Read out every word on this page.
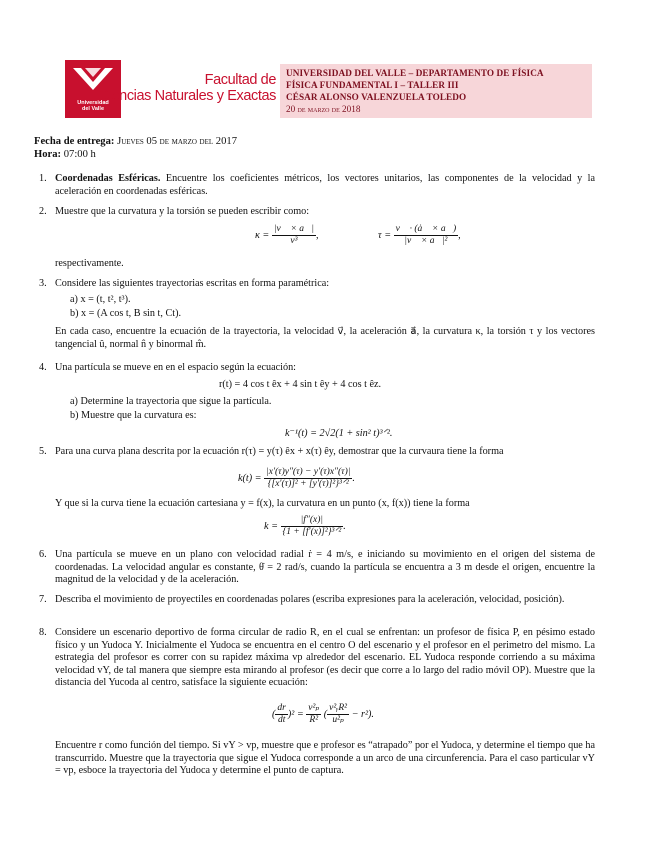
Universidad
del Valle
Facultad de
Ciencias Naturales y Exactas
UNIVERSIDAD DEL VALLE – DEPARTAMENTO DE FÍSICA
FÍSICA FUNDAMENTAL I – TALLER III
CÉSAR ALONSO VALENZUELA TOLEDO
20 de marzo de 2018
Fecha de entrega: Jueves 05 de marzo del 2017
Hora: 07:00 h
1. Coordenadas Esféricas. Encuentre los coeficientes métricos, los vectores unitarios, las componentes de la velocidad y la aceleración en coordenadas esféricas.
2. Muestre que la curvatura y la torsión se pueden escribir como:
$\kappa = \frac{|v⃗ \times a⃗|}{\text{v³}}$ ,	$\tau = \frac{v⃗ \cdot (ȧ⃗ \times a⃗)}{\text{|v⃗ × a⃗|²}}$ ,
respectivamente.
3. Considere las siguientes trayectorias escritas en forma paramétrica:
a) x = (t, t², t³).
b) x = (A cos t, B sin t, Ct).
En cada caso, encuentre la ecuación de la trayectoria, la velocidad v⃗, la aceleración a⃗, la curvatura κ, la torsión τ y los vectores tangencial û, normal n̂ y binormal m̂.
4. Una partícula se mueve en en el espacio según la ecuación:
r(t) = 4 cos t êx + 4 sin t êy + 4 cos t êz.
a) Determine la trayectoria que sigue la partícula.
b) Muestre que la curvatura es:
k⁻¹(t) = 2√2(1 + sin² t)³ᐟ².
5. Para una curva plana descrita por la ecuación r(τ) = y(τ) êx + x(τ) êy, demostrar que la curvaura tiene la forma
$k(t) = \frac{|x'(\tau)y''(\tau) - y'(\tau)x''(\tau)|}{\text{\{[x′(τ)]² + [y′(τ)]²\}³ᐟ²}}$ .
Y que si la curva tiene la ecuación cartesiana y = f(x), la curvatura en un punto (x, f(x)) tiene la forma
$k = \frac{|f''(x)|}{\text{\{1 + [f′(x)]²\}³ᐟ²}}$ .
6. Una partícula se mueve en un plano con velocidad radial ṙ = 4 m/s, e iniciando su movimiento en el origen del sistema de coordenadas. La velocidad angular es constante, θ̇ = 2 rad/s, cuando la partícula se encuentra a 3 m desde el origen, encuentre la magnitud de la velocidad y de la aceleración.
7. Describa el movimiento de proyectiles en coordenadas polares (escriba expresiones para la aceleración, velocidad, posición).
8. Considere un escenario deportivo de forma circular de radio R, en el cual se enfrentan: un profesor de física P, en pésimo estado físico y un Yudoca Y. Inicialmente el Yudoca se encuentra en el centro O del escenario y el profesor en el perimetro del mismo. La estrategia del profesor es correr con su rapidez máxima vp alrededor del escenario. EL Yudoca responde corriendo a su máxima velocidad vY, de tal manera que siempre esta mirando al profesor (es decir que corre a lo largo del radio móvil OP). Muestre que la distancia del Yucoda al centro, satisface la siguiente ecuación:
( $\frac{dr}{dt} )^2 = \frac{\text{v²ₚ}}{\text{R²}}$ ( $\frac{\text{v²ᵧR²}}{\text{u²ₚ}} - r^2$).
Encuentre r como función del tiempo. Si vY > vp, muestre que e profesor es “atrapado” por el Yudoca, y determine el tiempo que ha transcurrido. Muestre que la trayectoria que sigue el Yudoca corresponde a un arco de una circunferencia. Para el caso particular vY = vp, esboce la trayectoria del Yudoca y determine el punto de captura.
